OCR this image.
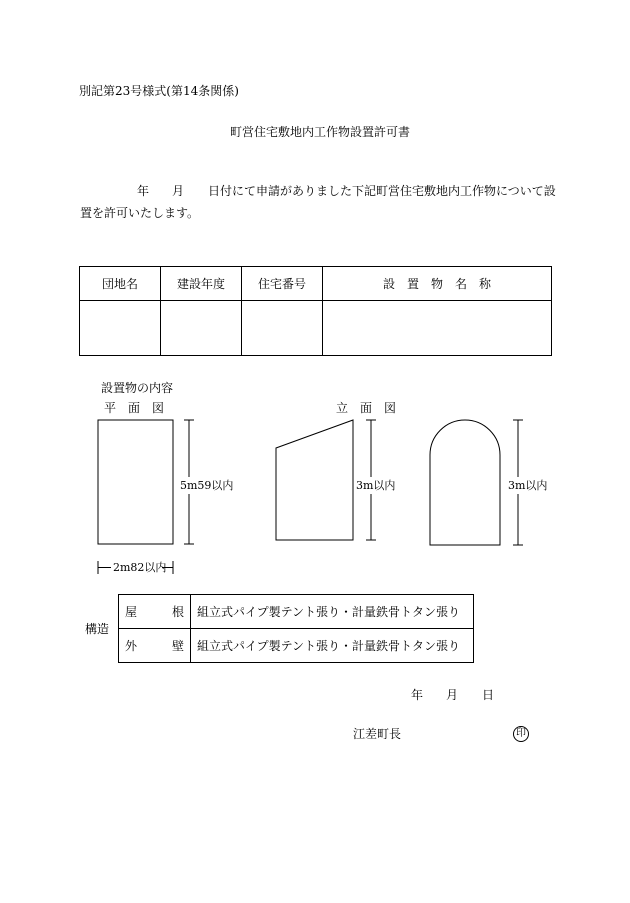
別記第23号様式(第14条関係)
町営住宅敷地内工作物設置許可書
年 月 日付にて申請がありました下記町営住宅敷地内工作物について設
置を許可いたします。
団地名	建設年度	住宅番号	設　置　物　名　称

設置物の内容
平　面　図	立　面　図
5m59以内
2m82以内
3m以内	3m以内
構造
屋 根	組立式パイプ製テント張り・計量鉄骨トタン張り

外 壁	組立式パイプ製テント張り・計量鉄骨トタン張り
年 月 日
江差町長	印
